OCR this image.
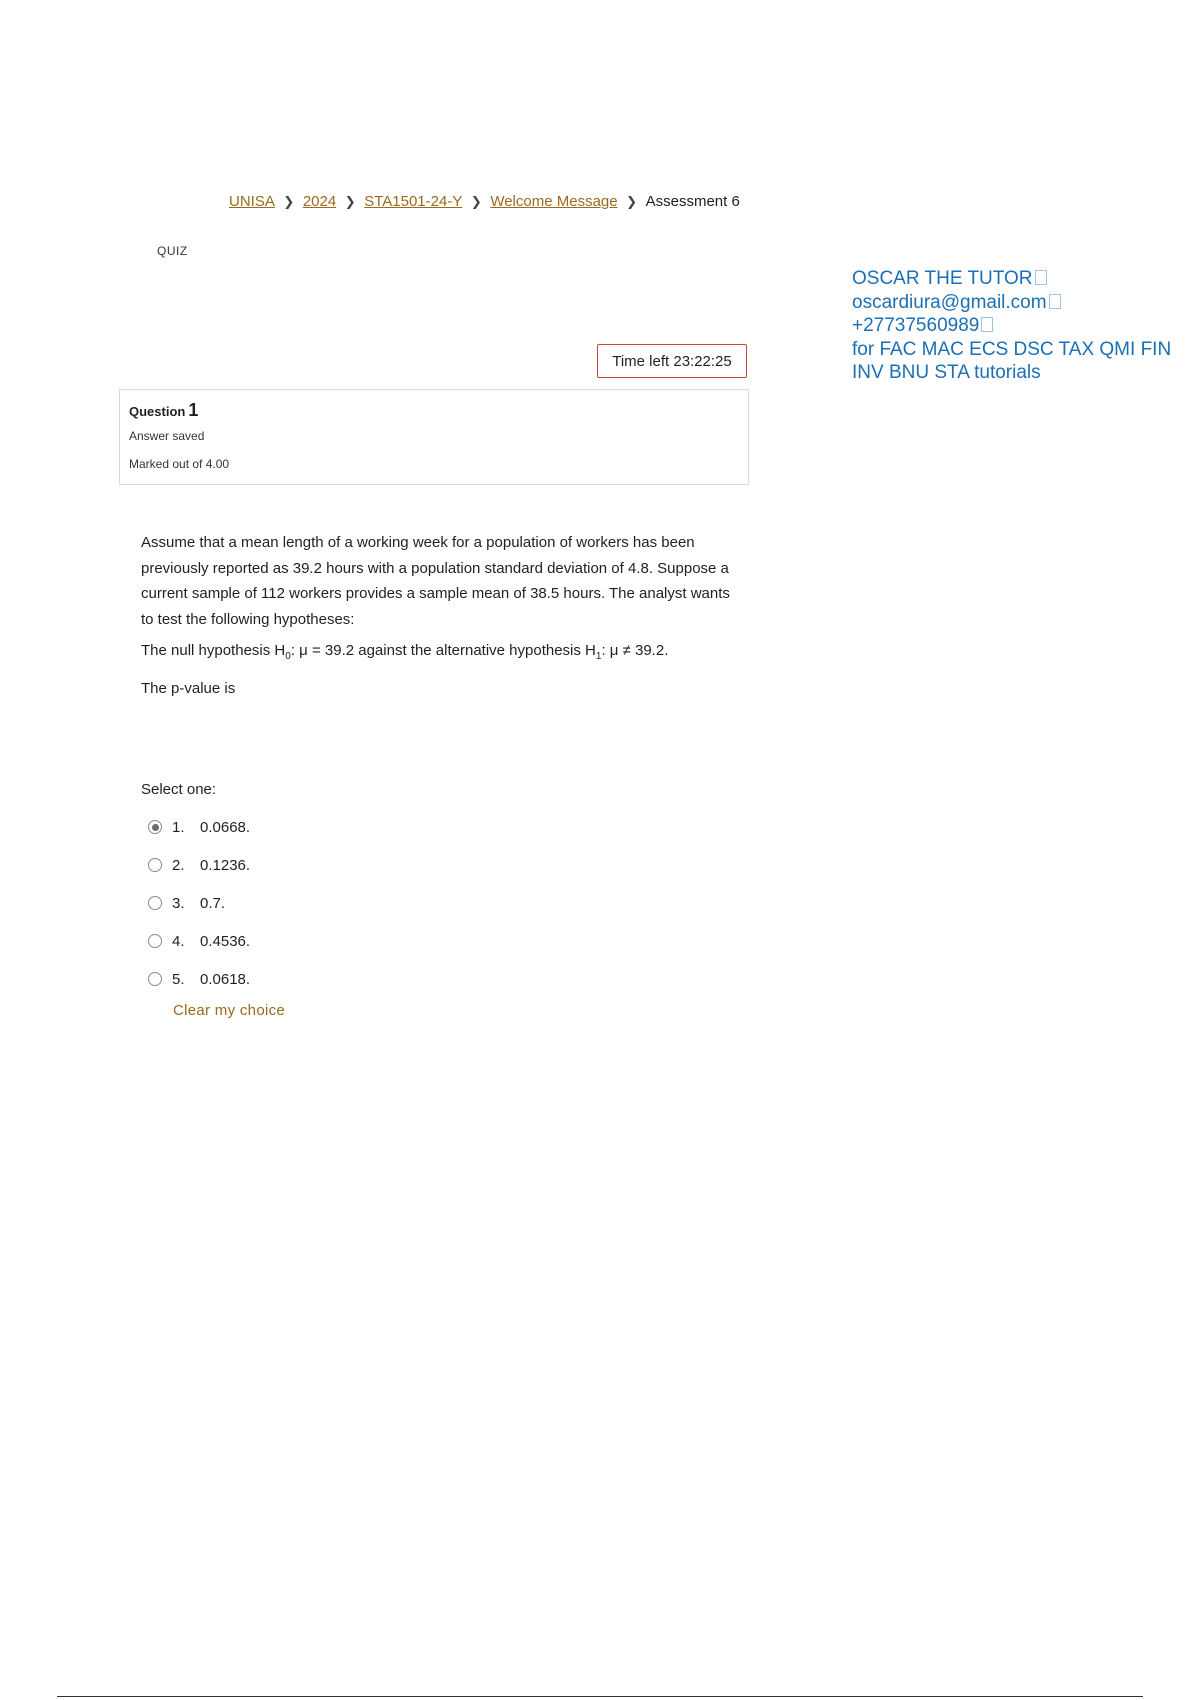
UNISA ❯ 2024 ❯ STA1501-24-Y ❯ Welcome Message ❯ Assessment 6
QUIZ
OSCAR THE TUTOR
oscardiura@gmail.com
+27737560989
for FAC MAC ECS DSC TAX QMI FIN
INV BNU STA tutorials
Time left 23:22:25
Question 1
Answer saved
Marked out of 4.00

Assume that a mean length of a working week for a population of workers has been previously reported as 39.2 hours with a population standard deviation of 4.8. Suppose a current sample of 112 workers provides a sample mean of 38.5 hours. The analyst wants to test the following hypotheses:

The null hypothesis $H_0$: μ = 39.2 against the alternative hypothesis $H_1$: μ ≠ 39.2.

The p-value is

Select one:
1.	0.0668.
2.	0.1236.
3.	0.7.
4.	0.4536.
5.	0.0618.
Clear my choice
